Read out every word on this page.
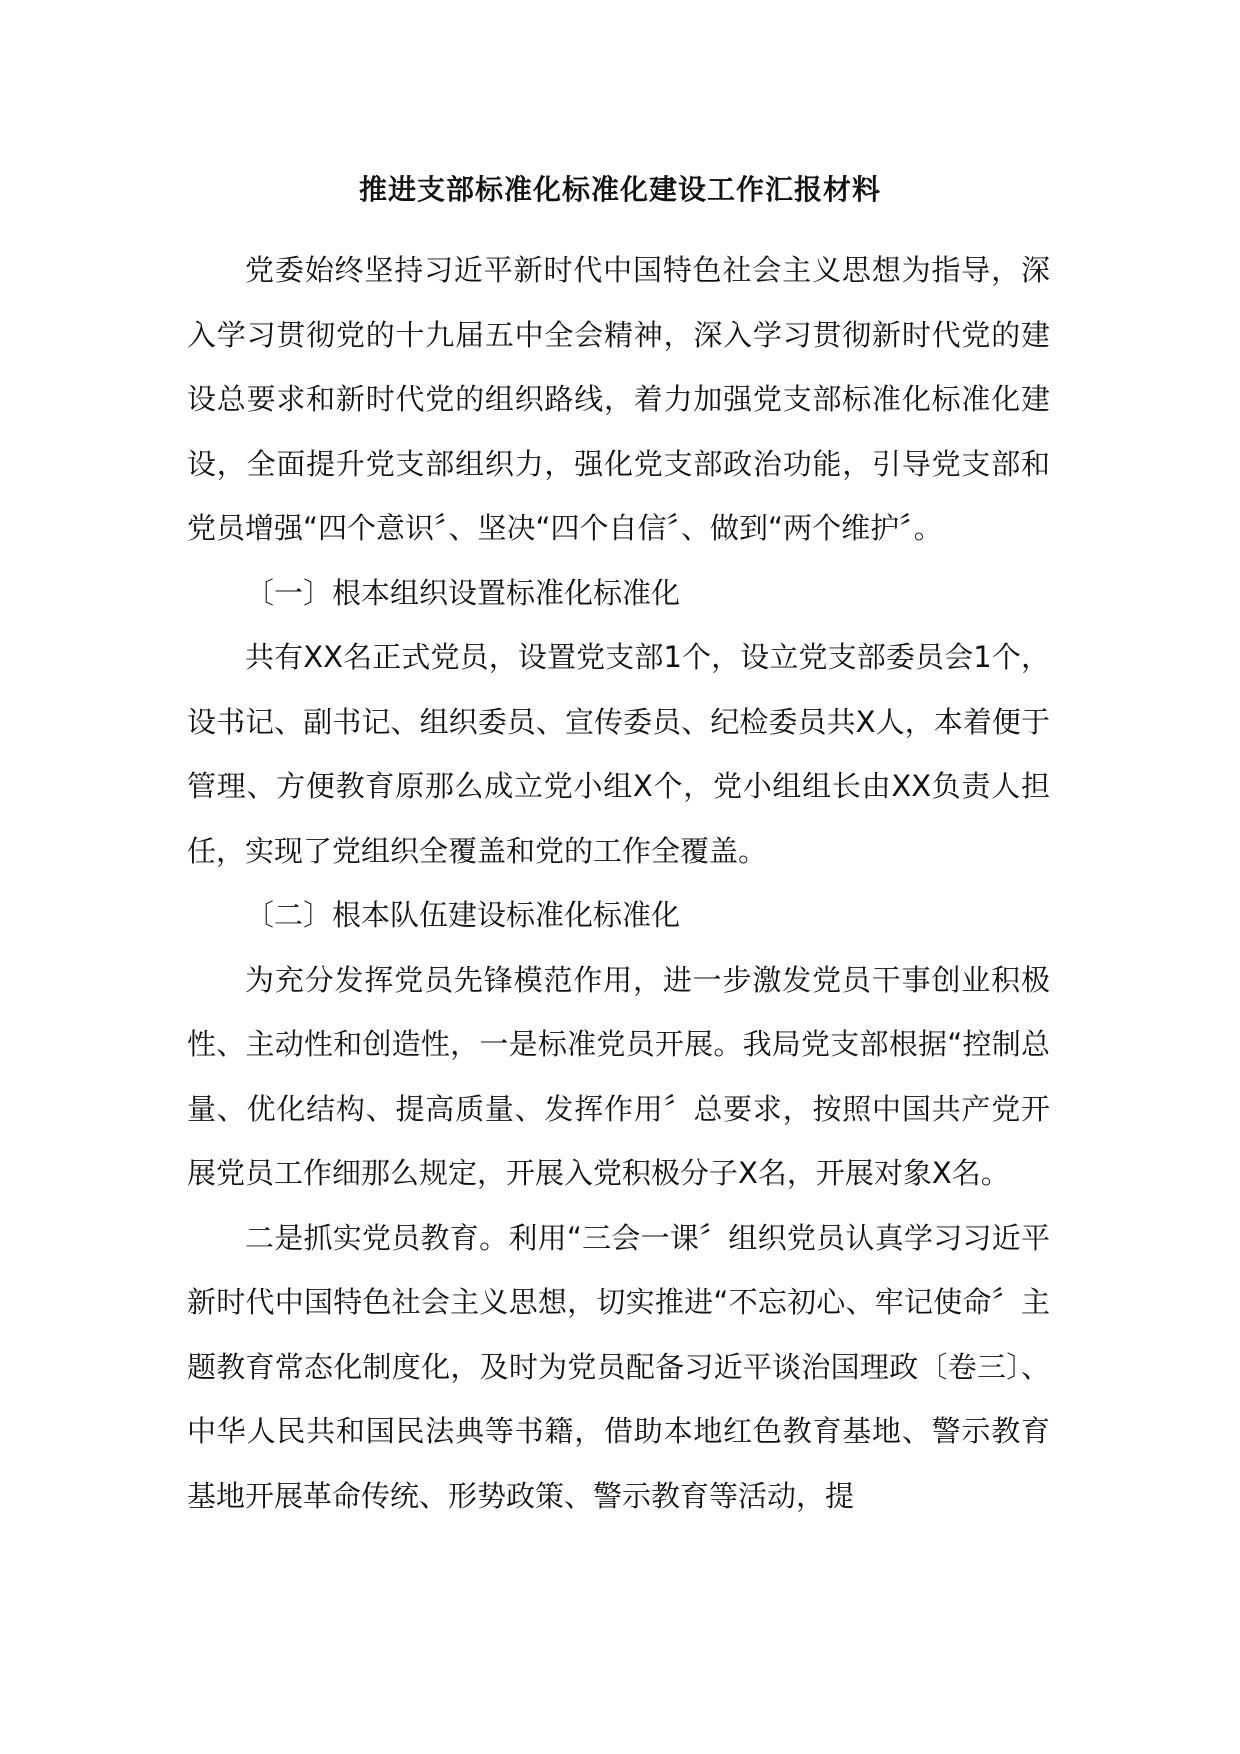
推进支部标准化标准化建设工作汇报材料

党委始终坚持习近平新时代中国特色社会主义思想为指导，深入学习贯彻党的十九届五中全会精神，深入学习贯彻新时代党的建设总要求和新时代党的组织路线，着力加强党支部标准化标准化建设，全面提升党支部组织力，强化党支部政治功能，引导党支部和党员增强“四个意识〞、坚决“四个自信〞、做到“两个维护〞。

〔一〕根本组织设置标准化标准化

共有XX名正式党员，设置党支部1个，设立党支部委员会1个，设书记、副书记、组织委员、宣传委员、纪检委员共X人，本着便于管理、方便教育原那么成立党小组X个，党小组组长由XX负责人担任，实现了党组织全覆盖和党的工作全覆盖。

〔二〕根本队伍建设标准化标准化

为充分发挥党员先锋模范作用，进一步激发党员干事创业积极性、主动性和创造性，一是标准党员开展。我局党支部根据“控制总量、优化结构、提高质量、发挥作用〞总要求，按照中国共产党开展党员工作细那么规定，开展入党积极分子X名，开展对象X名。

二是抓实党员教育。利用“三会一课〞组织党员认真学习习近平新时代中国特色社会主义思想，切实推进“不忘初心、牢记使命〞主题教育常态化制度化，及时为党员配备习近平谈治国理政〔卷三〕、中华人民共和国民法典等书籍，借助本地红色教育基地、警示教育基地开展革命传统、形势政策、警示教育等活动，提
